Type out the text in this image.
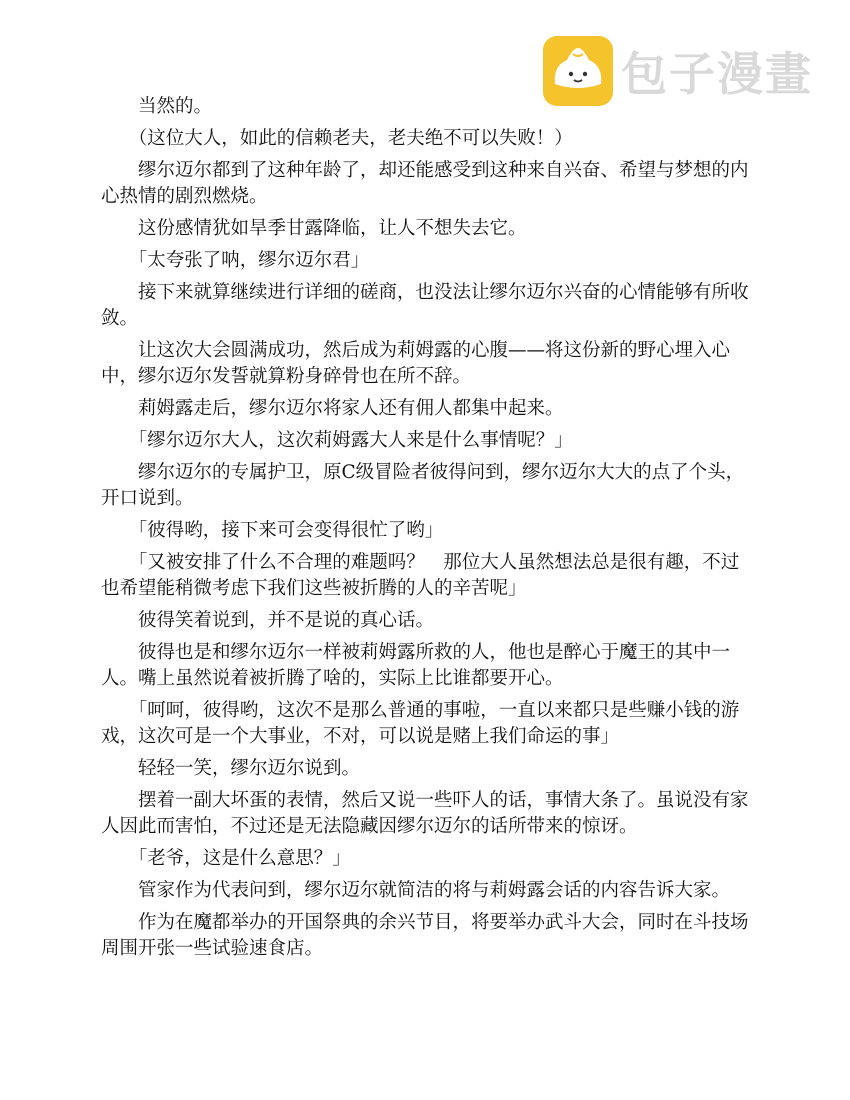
包子漫畫

当然的。

（这位大人，如此的信赖老夫，老夫绝不可以失败！）

缪尔迈尔都到了这种年龄了，却还能感受到这种来自兴奋、希望与梦想的内心热情的剧烈燃烧。

这份感情犹如旱季甘露降临，让人不想失去它。

「太夸张了呐，缪尔迈尔君」

接下来就算继续进行详细的磋商，也没法让缪尔迈尔兴奋的心情能够有所收敛。

让这次大会圆满成功，然后成为莉姆露的心腹——将这份新的野心埋入心中，缪尔迈尔发誓就算粉身碎骨也在所不辞。

莉姆露走后，缪尔迈尔将家人还有佣人都集中起来。

「缪尔迈尔大人，这次莉姆露大人来是什么事情呢？」

缪尔迈尔的专属护卫，原C级冒险者彼得问到，缪尔迈尔大大的点了个头，开口说到。

「彼得哟，接下来可会变得很忙了哟」

「又被安排了什么不合理的难题吗？　那位大人虽然想法总是很有趣，不过也希望能稍微考虑下我们这些被折腾的人的辛苦呢」

彼得笑着说到，并不是说的真心话。

彼得也是和缪尔迈尔一样被莉姆露所救的人，他也是醉心于魔王的其中一人。嘴上虽然说着被折腾了啥的，实际上比谁都要开心。

「呵呵，彼得哟，这次不是那么普通的事啦，一直以来都只是些赚小钱的游戏，这次可是一个大事业，不对，可以说是赌上我们命运的事」

轻轻一笑，缪尔迈尔说到。

摆着一副大坏蛋的表情，然后又说一些吓人的话，事情大条了。虽说没有家人因此而害怕，不过还是无法隐藏因缪尔迈尔的话所带来的惊讶。

「老爷，这是什么意思？」

管家作为代表问到，缪尔迈尔就简洁的将与莉姆露会话的内容告诉大家。

作为在魔都举办的开国祭典的余兴节目，将要举办武斗大会，同时在斗技场周围开张一些试验速食店。
